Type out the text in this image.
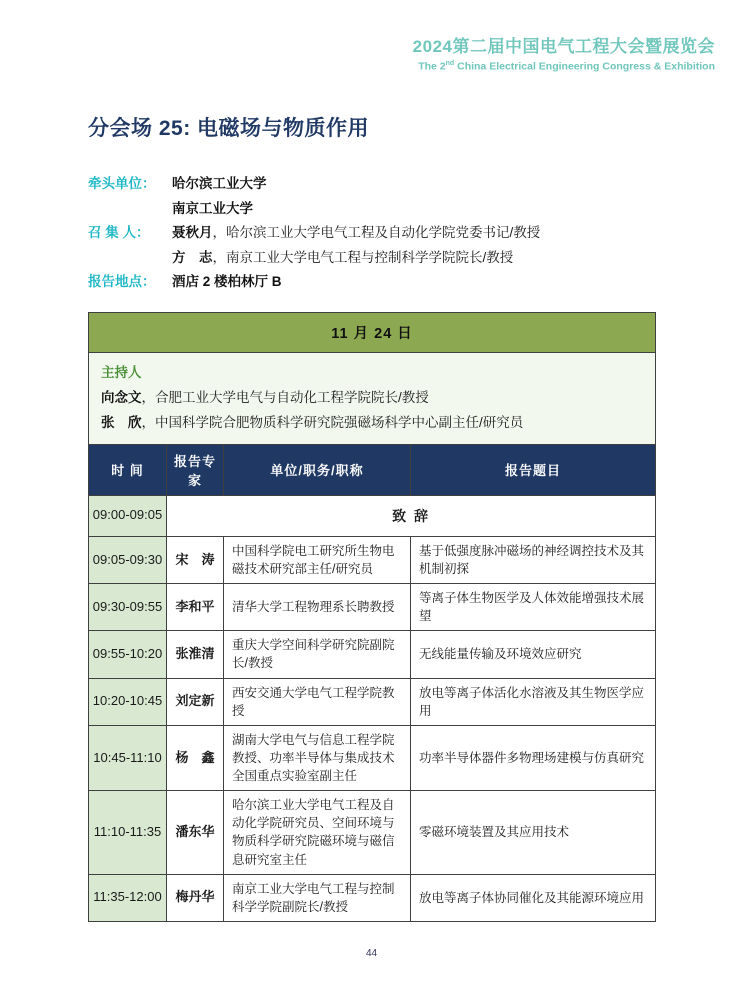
2024第二届中国电气工程大会暨展览会
The 2nd China Electrical Engineering Congress & Exhibition
分会场 25: 电磁场与物质作用
牵头单位：	哈尔滨工业大学
南京工业大学
召 集 人：	聂秋月，哈尔滨工业大学电气工程及自动化学院党委书记/教授
方　志，南京工业大学电气工程与控制科学学院院长/教授
报告地点：	酒店 2 楼柏林厅 B
11 月 24 日			

主持人
向念文，合肥工业大学电气与自动化工程学院院长/教授
张　欣，中国科学院合肥物质科学研究院强磁场科学中心副主任/研究员			

时 间	报告专家	单位/职务/职称	报告题目
09:00-09:05	致 辞		
09:05-09:30	宋　涛	中国科学院电工研究所生物电磁技术研究部主任/研究员	基于低强度脉冲磁场的神经调控技术及其机制初探
09:30-09:55	李和平	清华大学工程物理系长聘教授	等离子体生物医学及人体效能增强技术展望
09:55-10:20	张淮清	重庆大学空间科学研究院副院长/教授	无线能量传输及环境效应研究
10:20-10:45	刘定新	西安交通大学电气工程学院教授	放电等离子体活化水溶液及其生物医学应用
10:45-11:10	杨　鑫	湖南大学电气与信息工程学院教授、功率半导体与集成技术全国重点实验室副主任	功率半导体器件多物理场建模与仿真研究
11:10-11:35	潘东华	哈尔滨工业大学电气工程及自动化学院研究员、空间环境与物质科学研究院磁环境与磁信息研究室主任	零磁环境装置及其应用技术
11:35-12:00	梅丹华	南京工业大学电气工程与控制科学学院副院长/教授	放电等离子体协同催化及其能源环境应用
44
